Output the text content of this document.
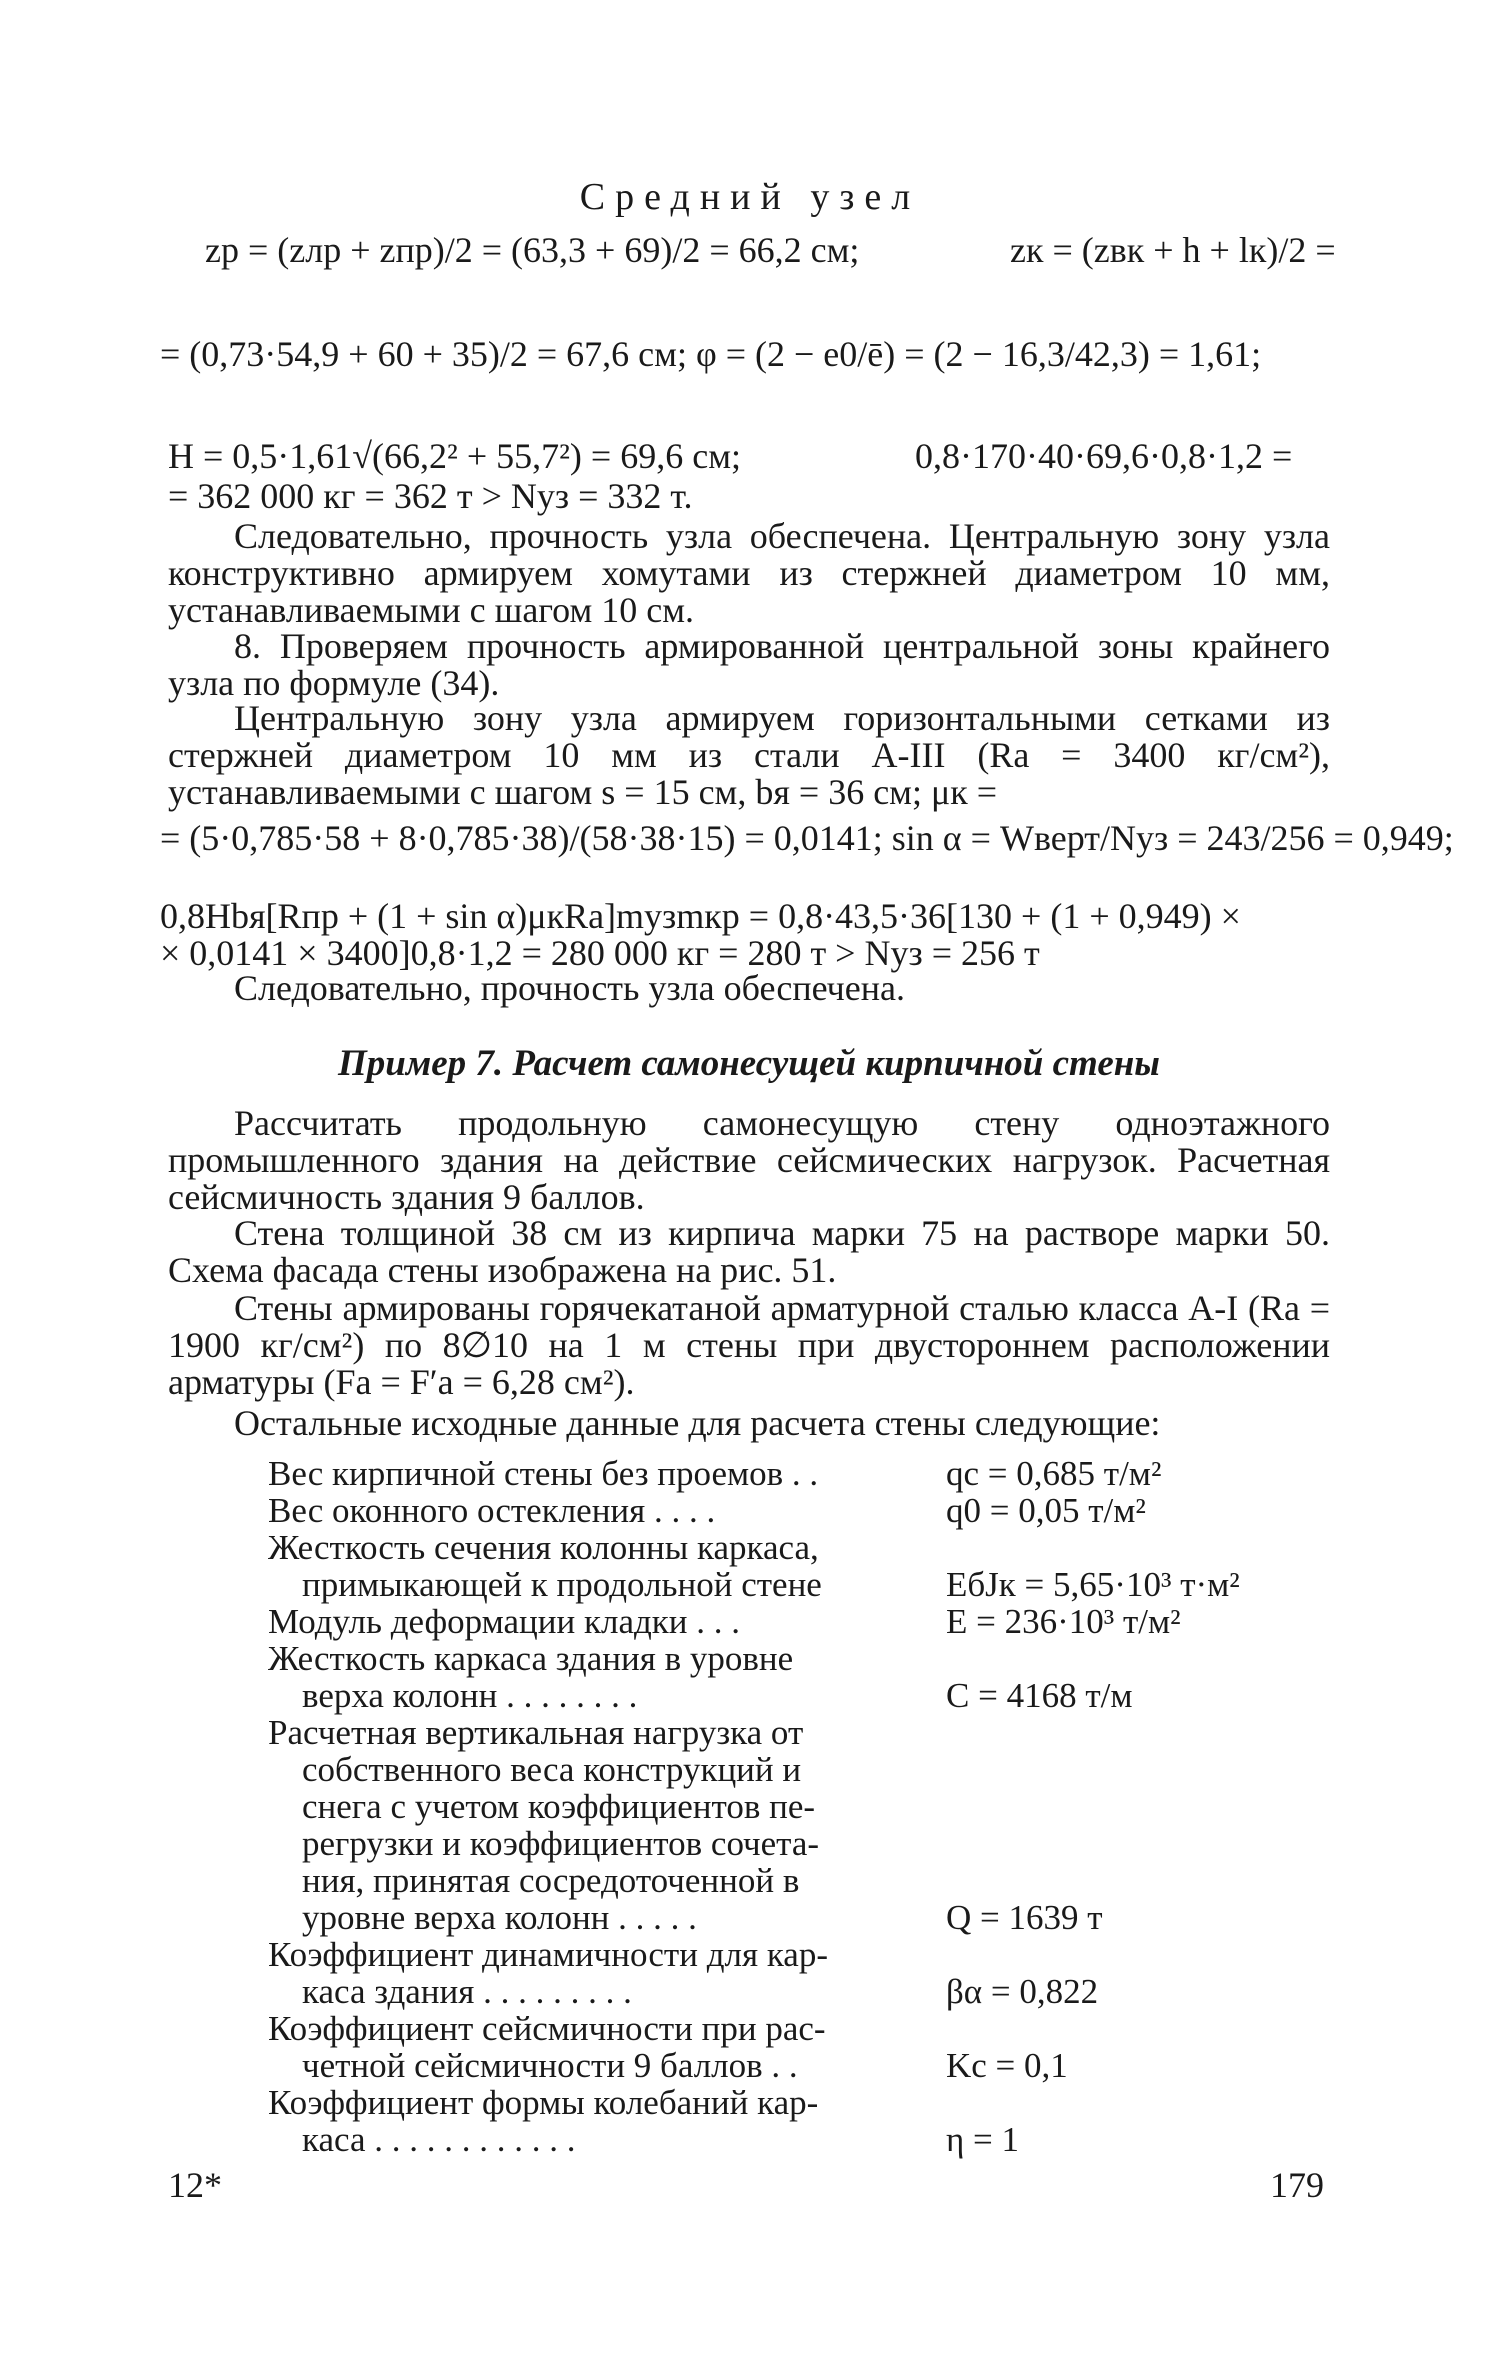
Средний узел
zр = (zлр + zпр)/2 = (63,3 + 69)/2 = 66,2 см;	zк = (zвк + h + lк)/2 =
= (0,73·54,9 + 60 + 35)/2 = 67,6 см; φ = (2 − e0/ē) = (2 − 16,3/42,3) = 1,61;
H = 0,5·1,61√(66,2² + 55,7²) = 69,6 см;	0,8·170·40·69,6·0,8·1,2 =
= 362 000 кг = 362 т > Nуз = 332 т.
Следовательно, прочность узла обеспечена. Центральную зону узла конструктивно армируем хомутами из стержней диаметром 10 мм, устанавливаемыми с шагом 10 см.
8. Проверяем прочность армированной центральной зоны крайнего узла по формуле (34).
Центральную зону узла армируем горизонтальными сетками из стержней диаметром 10 мм из стали А-III (Rа = 3400 кг/см²), устанавливаемыми с шагом s = 15 см, bя = 36 см; μк =
= (5·0,785·58 + 8·0,785·38)/(58·38·15) = 0,0141; sin α = Wверт/Nуз = 243/256 = 0,949;
0,8Hbя[Rпр + (1 + sin α)μкRа]mузmкр = 0,8·43,5·36[130 + (1 + 0,949) ×
× 0,0141 × 3400]0,8·1,2 = 280 000 кг = 280 т > Nуз = 256 т
Следовательно, прочность узла обеспечена.
Пример 7. Расчет самонесущей кирпичной стены
Рассчитать продольную самонесущую стену одноэтажного промышленного здания на действие сейсмических нагрузок. Расчетная сейсмичность здания 9 баллов.
Стена толщиной 38 см из кирпича марки 75 на растворе марки 50. Схема фасада стены изображена на рис. 51.
Стены армированы горячекатаной арматурной сталью класса А-I (Rа = 1900 кг/см²) по 8∅10 на 1 м стены при двустороннем расположении арматуры (Fа = F′а = 6,28 см²).
Остальные исходные данные для расчета стены следующие:
Вес кирпичной стены без проемов . .	qс = 0,685 т/м²
Вес оконного остекления . . . .	q0 = 0,05 т/м²
Жесткость сечения колонны каркаса,
примыкающей к продольной стене	EбJк = 5,65·10³ т·м²
Модуль деформации кладки . . .	E = 236·10³ т/м²
Жесткость каркаса здания в уровне
верха колонн . . . . . . . .	C = 4168 т/м
Расчетная вертикальная нагрузка от
собственного веса конструкций и
снега с учетом коэффициентов пе-
регрузки и коэффициентов сочета-
ния, принятая сосредоточенной в
уровне верха колонн . . . . .	Q = 1639 т
Коэффициент динамичности для кар-
каса здания . . . . . . . . .	βα = 0,822
Коэффициент сейсмичности при рас-
четной сейсмичности 9 баллов . .	Kс = 0,1
Коэффициент формы колебаний кар-
каса . . . . . . . . . . . .	η = 1
12*	179
